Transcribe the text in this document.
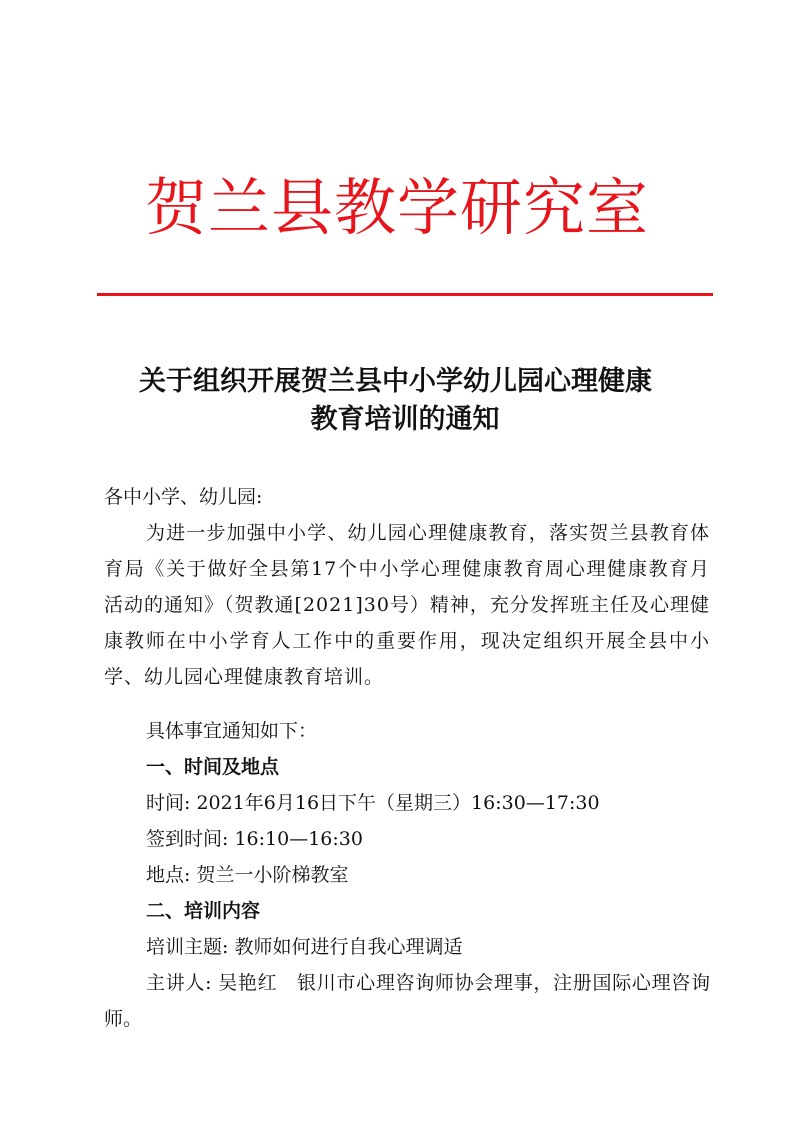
贺兰县教学研究室
关于组织开展贺兰县中小学幼儿园心理健康
教育培训的通知
各中小学、幼儿园:
为进一步加强中小学、幼儿园心理健康教育，落实贺兰县教育体育局《关于做好全县第17个中小学心理健康教育周心理健康教育月活动的通知》（贺教通[2021]30号）精神，充分发挥班主任及心理健康教师在中小学育人工作中的重要作用，现决定组织开展全县中小学、幼儿园心理健康教育培训。
具体事宜通知如下：
一、时间及地点
时间: 2021年6月16日下午（星期三）16:30—17:30
签到时间: 16:10—16:30
地点: 贺兰一小阶梯教室
二、培训内容
培训主题: 教师如何进行自我心理调适
主讲人: 吴艳红　银川市心理咨询师协会理事，注册国际心理咨询师。
